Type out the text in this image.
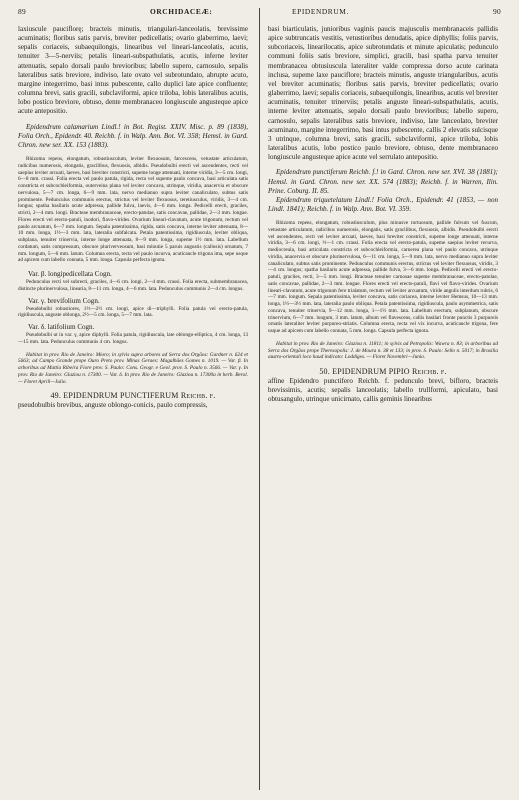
89	ORCHIDACEÆ:	EPIDENDRUM.	90

laxiuscule pauciflorę; bracteis minutis, triangulari-lanceolatis, brevissime acuminatis; floribus satis parvis, breviter pedicellatis; ovario glaberrimo, laevi; sepalis coriaceis, subaequilongis, linearibus vel lineari-lanceolatis, acutis, tenuiter 3—5-nerviis; petalis lineari-subspathulatis, acutis, inferne leviter attenuatis, sepalo dorsali paulo brevioribus; labello supero, carnosulo, sepalis lateralibus satis breviore, indiviso, late ovato vel subrotundato, abrupte acuto, margine integerrimo, basi intus pubescente, callo duplici late apice confluente; columna brevi, satis gracili, subclaviformi, apice triloba, lobis lateralibus acutis, lobo postico breviore, obtuso, dente membranaceo longiuscule angusteque apice acute antepositio.

Epidendrum calamarium Lindl.! in Bot. Regist. XXIV. Misc. p. 89 (1838), Folia Orch., Epidendr. 40. Reichb. f. in Walp. Ann. Bot. VI. 358; Hemsl. in Gard. Chron. new ser. XX. 153 (1883).

Rhizoma repens, elongatum, robustiusculum, leviter flexuosum, farcescens, vetustate articulatum, radicibus numerosis, elongatis, gracilibus, flexuosis, albidis. Pseudobulbi erecti vel ascendentes, recti vel saepius leviter arcuati, laeves, basi breviter constricti, supeme longe attenuati, interne viridia, 3—5 cm. longi, 6—8 mm. crassi. Folia erecta vel paulo patula, rigida, recta vel supeme paulo concava, basi articulata satis constricta et subcochleiformia, outerveina plana vel leviter concava, utrinque, viridia, anacervia et obscure nervulosa, 5—7 cm. longa, 6—9 mm. lata, nervo medianuo supra leviter canaliculato, subtus satis prominente. Pedunculus communis erectus, strictus vel leviter flexuosus, teretiusculus, viridis, 3—4 cm. longus; spatha basilaris acute adpressa, pallide fulva, laevis, 4—6 mm. longa. Pedicelli erecti, graciles, stricti, 2—4 mm. longi. Bracteae membranaceae, erecto-patulae, satis concavae, pallidae, 2—3 mm. longae. Flores erecti vel erecto-patuli, inodori, flavo-virides. Ovarium lineari-clavatum, acute trigonum, rectum vel paulo arcuatum, 6—7 mm. longum. Sepala patentissima, rigida, satis concava, interne leviter attenuata, 8—10 mm. longa, 1½—3 mm. lata, lateralia subfalcata. Petala patentissima, rigidiuscula, leviter obliqua, subplana, tenuiter trinervia, interne longe attenuata, 8—9 mm. longa, supeme 1½ mm. lata. Labellum cordatum, satis compressum, obscure pluriverveosum, basi minutie 5 paruis angustis (callosis) ornatum, 7 mm. longum, 5—6 mm. latum. Columna erecta, recta vel paulo incurva, acuticaucle trigona ima, sepe usque ad apicem cum labello connata, 5 mm. longa. Capsula perfecta ignota.

Var. β. longipedicellata Cogn.

Pedunculus recti vel subrecti, graciles, 4—6 cm. longi, 2—4 mm. crassi. Folia erecta, submembranacea, distincte plurinervulosa, linearia, 8—11 cm. longa, 4—6 mm. lata. Pedunculus communis 2—4 cm. longus.

Var. γ. brevifolium Cogn.

Pseudobulbi robustiores, 1½—2½ cm. longi, apice di—triphylli. Folia patula vel erecto-patula, rigidiuscula, anguste oblonga, 2½—5 cm. longa, 5—7 mm. lata.

Var. δ. latifolium Cogn.

Pseudobulbi ut in var. γ, apice diphylli. Folia patula, rigidiuscula, late oblongo-elliptica, 4 cm. longa, 13—15 mm. lata. Pedunculus communis 4 cm. longus.

Habitat in prov. Rio de Janeiro: Mioro; in sylvis supra arbores ad Serra dos Orgãos: Gardner n. 624 et 5663; ad Campo Grande prope Ouro Preto prov. Minas Geraes: Magalhães Gomes n. 1019. — Var. β. In arboribus ad Mattia Ribeira Fiore prov. S. Paulo: Cons. Geogr. e Geol. prov. S. Paulo n. 3566. — Var. γ. In prov. Rio de Janeiro: Glaziou n. 17300. — Var. δ. In prov. Rio de Janeiro: Glaziou n. 17300a in herb. Berol. — Floret Aprili—Julio.

49. EPIDENDRUM PUNCTIFERUM Reichb. f.

pseudobulbis brevibus, anguste oblongo-conicis, paulo compressis,

basi biarticulatis, junioribus vaginis paucis majusculis membranaceis pallidis apice subtruncatis vestitis, vetustioribus denudatis, apice diphyllis; foliis parvis, subcoriaceis, linearilocatis, apice subrotundatis et minute apiculatis; pedunculo communi foliis satis breviore, simplici, gracili, basi spatha parva tenuiter membranacea obtusiuscula lateraliter valde compressa dorso acute carinata inclusa, supeme laxe pauciflore; bracteis minutis, anguste triangularibus, acutis vel breviter acuminatis; floribus satis parvis, breviter pedicellatis; ovario glaberrimo, laevi; sepalis coriaceis, subaequilongis, linearibus, acutis vel breviter acuminatis, tenuiter trinerviis; petalis anguste lineari-subspathulatis, acutis, interne leviter attenuatis, sepalo dorsali paulo brevioribus; labello supero, carnosulo, sepalis lateralibus satis breviore, indiviso, late lanceolato, breviter acuminato, margine integerrimo, basi intus pubescente, callis 2 elevatis sulcisque 3 utrinque, columna brevi, satis gracili, subclaviformi, apice triloba, lobis lateralibus acutis, lobo postico paulo breviore, obtuso, dente membranaceo longiuscule angusteque apice acute vel serrulato antepositio.

Epidendrum punctiferum Reichb. f.! in Gard. Chron. new ser. XVI. 38 (1881); Hemsl. in Gard. Chron. new ser. XX. 574 (1883); Reichb. f. in Warren, Ilin. Prine. Coburg. II. 85.

Epidendrum triquetelatum Lindl.! Folia Orch., Epidendr. 41 (1853, — non Lindl. 1841); Reichb. f. in Walp. Ann. Bot. VI. 359.

Rhizoma repens, elongatum, robustiusculum, plus minusve tortuosum, pallide fulvum vel fuscum, vetustate articulatum, radicibus numerosis, elongatis, satis gracilibus, flexuosis, albidis. Pseudobulbi erecti vel ascendentes, recti vel leviter arcuati, laeves, basi breviter constricti, supeme longe attenuati, interne viridia, 3—6 cm. longi, ½—1 cm. crassi. Folia erecta vel erecto-patula, supeme saepius leviter recurva, mediocreula, basi articulata constricta et subcochleiformia, carnerea plana vel paulo concava, utrinque viridia, anacervia et obscure plurinervulosa, 6—11 cm. longa, 5—9 mm. lata, nervo medianuo supra leviter canaliculato, subtus satis prominente. Pedunculus communis erectus, strictus vel leviter flexuosus, viridis, 3—4 cm. longus; spatha basilaris acute adpressa, pallide fulva, 3—6 mm. longa. Pedicelli erecti vel erecto-patuli, graciles, recti, 3—5 mm. longi. Bracteae tenuiter carnosae supeme membranaceae, erecto-patulae, satis concavae, pallidae, 2—3 mm. longae. Flores erecti vel erecto-patuli, flavi vel flavo-virides. Ovarium lineari-clavatum, acute trigonum fere trialatum, rectum vel leviter arcuatum, viride angulis interdum rubris, 6—7 mm. longum. Sepala patentissima, leviter concava, satis coriacea, interne leviter Hemsus, 10—13 mm. longa, 1½—3½ mm. lata, lateralia paulo obliqua. Petala patentissima, rigidiuscula, paulo asymmetrica, satis concava, tenuiter trinervia, 9—12 mm. longa, 1—1½ mm. lata. Labellum erectum, subplanum, obscure trinervium, 6—7 mm. longum, 3 mm. latum, album vel flavescens, callis basilari fronte punctis 3 purpureis ornatis lateraliter leviter purpureo-striatis. Columna erecta, recta vel vix incurva, acuticaucle trigona, fere usque ad apicem cum labello connata, 5 mm. longa. Capsula perfecta ignota.

Habitat in prov. Rio de Janeiro: Glaziou n. 11811; in sylvis ad Petropolis: Wawra n. 83; in arboribus ad Serra dos Orgãos prope Theresopolis: J. de Moura n. 38 et 133; in prov. S. Paulo: Sello n. 5017; in Brasilia austro-orientali loco haud indicato: Loddiges. — Floret Novembri—Junio.

50. EPIDENDRUM PIPIO Reichb. f.

affine Epidendro punctifero Reichb. f. pedunculo brevi, bifloro, bracteis brevissimis, acutis; sepalis lanceolatis; labello trullformi, apiculato, basi obtusangulo, utrinque unicirnato, callis geminis linearibus
